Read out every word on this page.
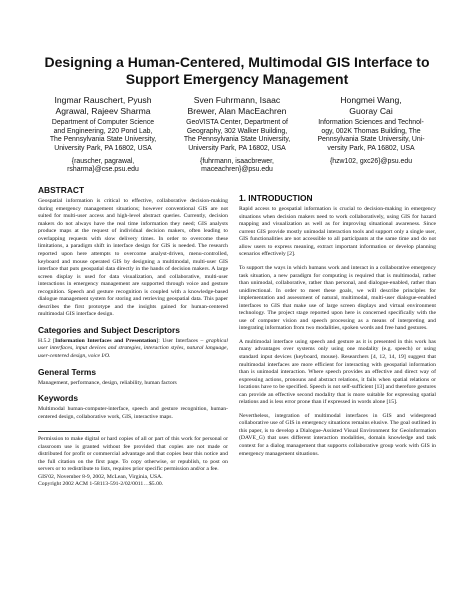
Designing a Human-Centered, Multimodal GIS Interface to
Support Emergency Management
Ingmar Rauschert, Pyush
Agrawal, Rajeev Sharma
Department of Computer Science
and Engineering, 220 Pond Lab,
The Pennsylvania State University,
University Park, PA 16802, USA
{rauscher, pagrawal,
rsharma}@cse.psu.edu
Sven Fuhrmann, Isaac
Brewer, Alan MacEachren
GeoVISTA Center, Department of
Geography, 302 Walker Building,
The Pennsylvania State University,
University Park, PA 16802, USA
{fuhrmann, isaacbrewer,
maceachren}@psu.edu
Hongmei Wang,
Guoray Cai
Information Sciences and Technol-
ogy, 002K Thomas Building, The
Pennsylvania State University, Uni-
versity Park, PA 16802, USA
{hzw102, gxc26}@psu.edu
ABSTRACT

Geospatial information is critical to effective, collaborative decision-making during emergency management situations; however conventional GIS are not suited for multi-user access and high-level abstract queries. Currently, decision makers do not always have the real time information they need; GIS analysts produce maps at the request of individual decision makers, often leading to overlapping requests with slow delivery times. In order to overcome these limitations, a paradigm shift in interface design for GIS is needed. The research reported upon here attempts to overcome analyst-driven, menu-controlled, keyboard and mouse operated GIS by designing a multimodal, multi-user GIS interface that puts geospatial data directly in the hands of decision makers. A large screen display is used for data visualization, and collaborative, multi-user interactions in emergency management are supported through voice and gesture recognition. Speech and gesture recognition is coupled with a knowledge-based dialogue management system for storing and retrieving geospatial data. This paper describes the first prototype and the insights gained for human-centered multimodal GIS interface design.

Categories and Subject Descriptors

H.5.2 [Information Interfaces and Presentation]: User Interfaces – graphical user interfaces, input devices and strategies, interaction styles, natural language, user-centered design, voice I/O.

General Terms

Management, performance, design, reliability, human factors

Keywords

Multimodal human-computer-interface, speech and gesture recognition, human-centered design, collaborative work, GIS, interactive maps.

Permission to make digital or hard copies of all or part of this work for personal or classroom use is granted without fee provided that copies are not made or distributed for profit or commercial advantage and that copies bear this notice and the full citation on the first page. To copy otherwise, or republish, to post on servers or to redistribute to lists, requires prior specific permission and/or a fee.

GIS'02, November 8-9, 2002, McLean, Virginia, USA.

Copyright 2002 ACM 1-58113-591-2/02/0011…$5.00.

1. INTRODUCTION

Rapid access to geospatial information is crucial to decision-making in emergency situations when decision makers need to work collaboratively, using GIS for hazard mapping and visualization as well as for improving situational awareness. Since current GIS provide mostly unimodal interaction tools and support only a single user, GIS functionalities are not accessible to all participants at the same time and do not allow users to express meaning, extract important information or develop planning scenarios effectively [2].

To support the ways in which humans work and interact in a collaborative emergency task situation, a new paradigm for computing is required that is multimodal, rather than unimodal, collaborative, rather than personal, and dialogue-enabled, rather than unidirectional. In order to meet these goals, we will describe principles for implementation and assessment of natural, multimodal, multi-user dialogue-enabled interfaces to GIS that make use of large screen displays and virtual environment technology. The project stage reported upon here is concerned specifically with the use of computer vision and speech processing as a means of interpreting and integrating information from two modalities, spoken words and free hand gestures.

A multimodal interface using speech and gesture as it is presented in this work has many advantages over systems only using one modality (e.g. speech) or using standard input devices (keyboard, mouse). Researchers [4, 12, 14, 19] suggest that multimodal interfaces are more efficient for interacting with geospatial information than is unimodal interaction. Where speech provides an effective and direct way of expressing actions, pronouns and abstract relations, it fails when spatial relations or locations have to be specified. Speech is not self-sufficient [13] and therefore gestures can provide an effective second modality that is more suitable for expressing spatial relations and is less error prone than if expressed in words alone [15].

Nevertheless, integration of multimodal interfaces in GIS and widespread collaborative use of GIS in emergency situations remains elusive. The goal outlined in this paper, is to develop a Dialogue-Assisted Visual Environment for Geoinformation (DAVE_G) that uses different interaction modalities, domain knowledge and task context for a dialog management that supports collaborative group work with GIS in emergency management situations.
